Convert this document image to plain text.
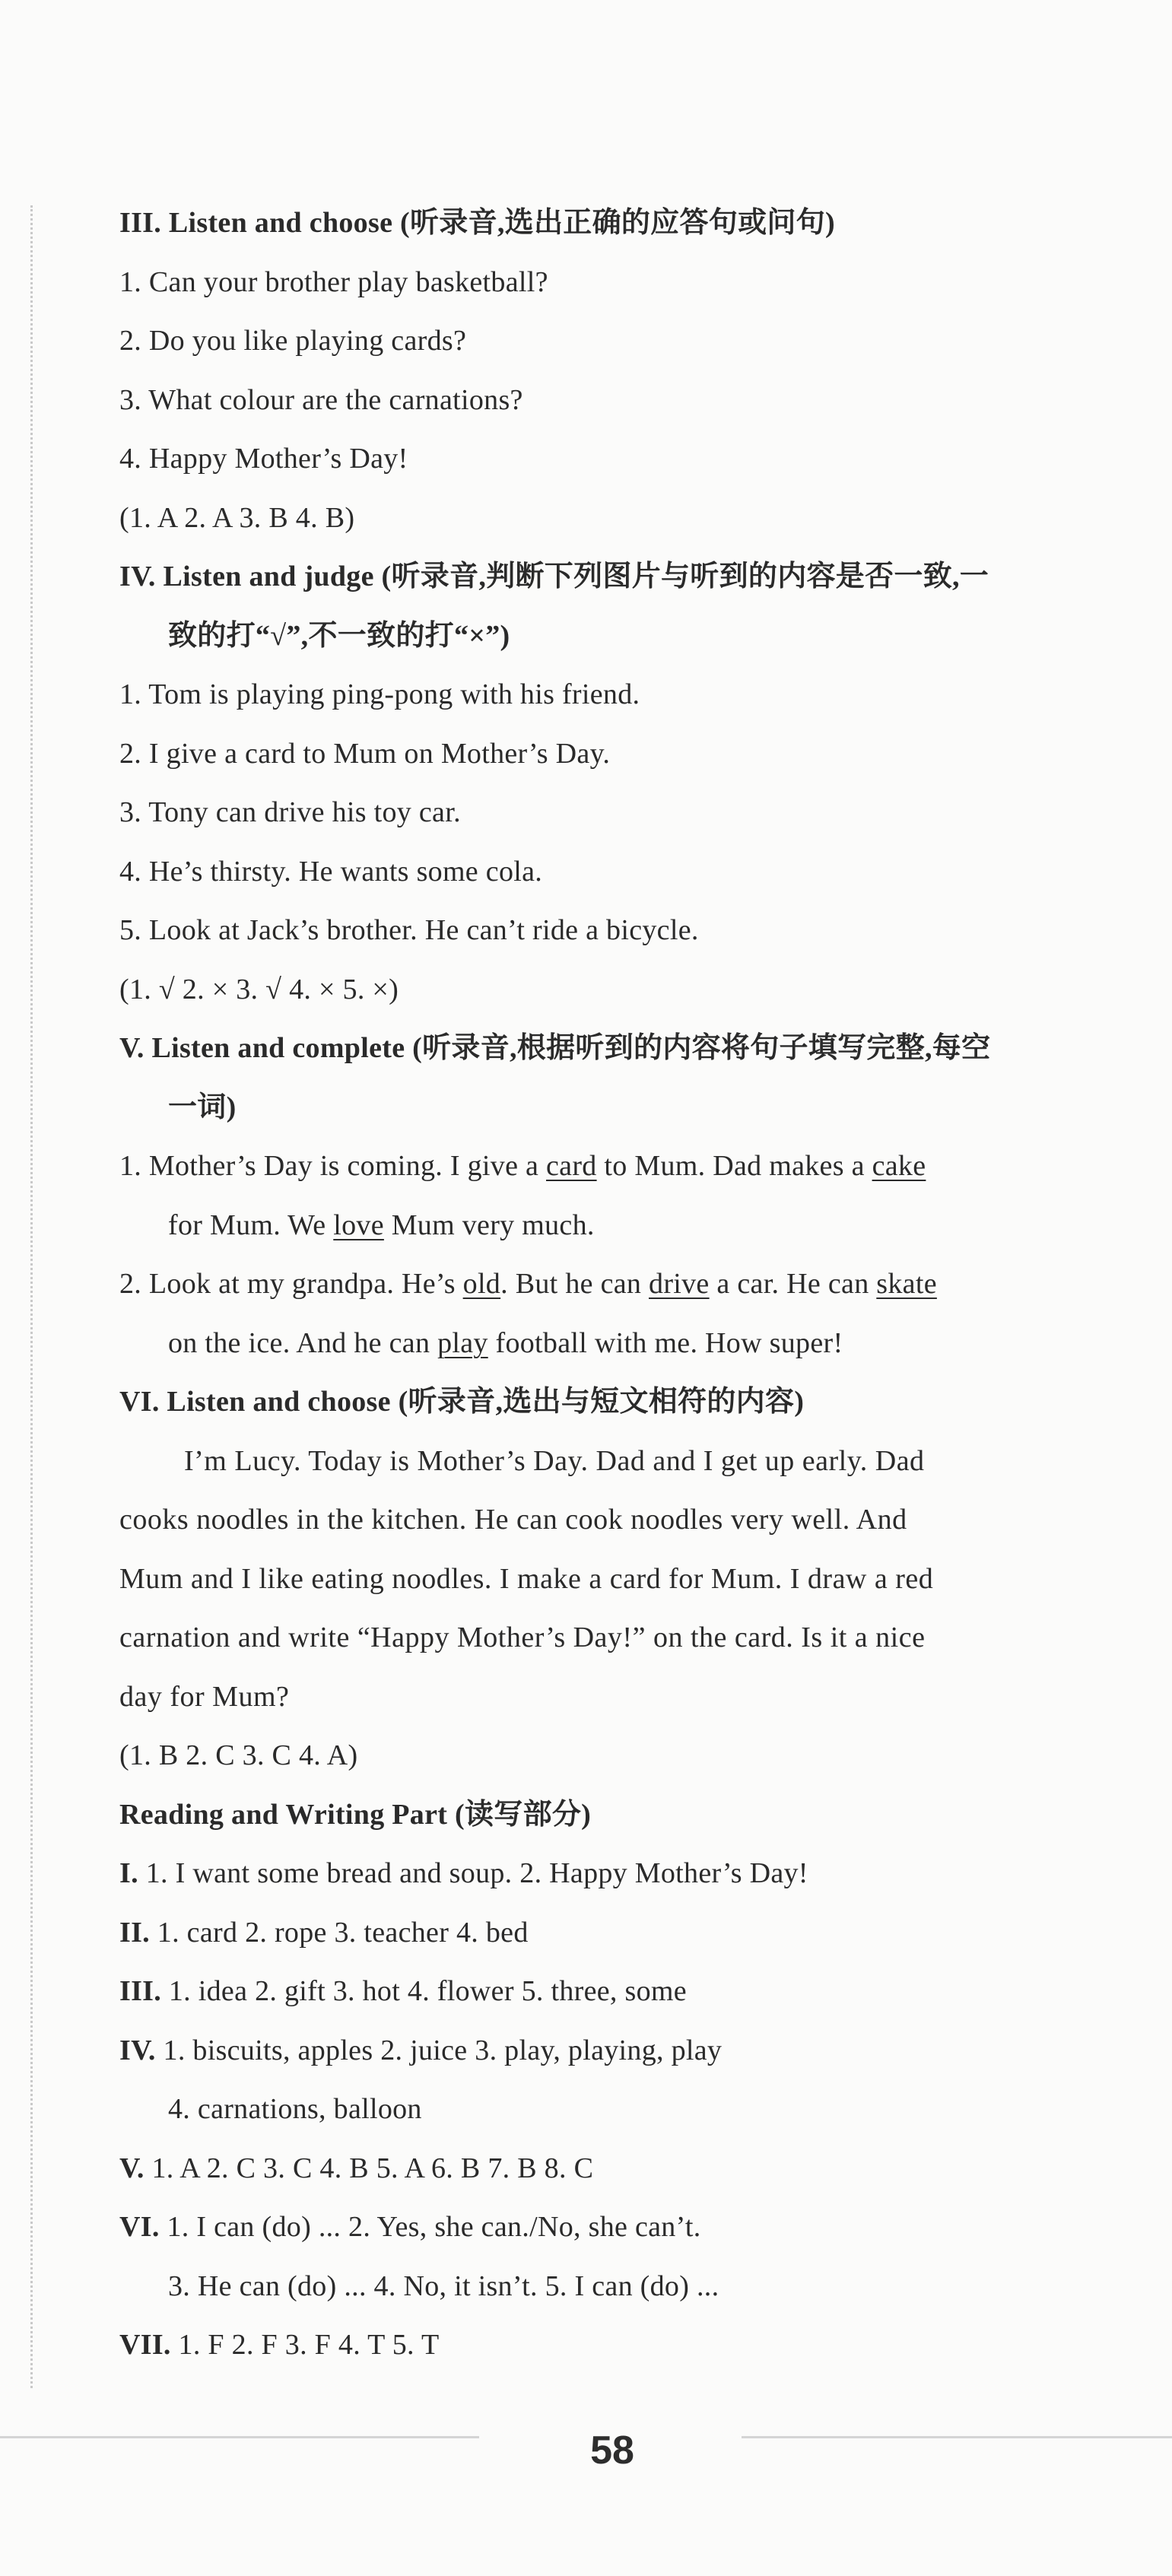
III. Listen and choose (听录音,选出正确的应答句或问句)
1. Can your brother play basketball?
2. Do you like playing cards?
3. What colour are the carnations?
4. Happy Mother’s Day!
(1. A 2. A 3. B 4. B)
IV. Listen and judge (听录音,判断下列图片与听到的内容是否一致,一
致的打“√”,不一致的打“×”)
1. Tom is playing ping-pong with his friend.
2. I give a card to Mum on Mother’s Day.
3. Tony can drive his toy car.
4. He’s thirsty. He wants some cola.
5. Look at Jack’s brother. He can’t ride a bicycle.
(1. √ 2. × 3. √ 4. × 5. ×)
V. Listen and complete (听录音,根据听到的内容将句子填写完整,每空
一词)
1. Mother’s Day is coming. I give a card to Mum. Dad makes a cake
for Mum. We love Mum very much.
2. Look at my grandpa. He’s old. But he can drive a car. He can skate
on the ice. And he can play football with me. How super!
VI. Listen and choose (听录音,选出与短文相符的内容)
I’m Lucy. Today is Mother’s Day. Dad and I get up early. Dad
cooks noodles in the kitchen. He can cook noodles very well. And
Mum and I like eating noodles. I make a card for Mum. I draw a red
carnation and write “Happy Mother’s Day!” on the card. Is it a nice
day for Mum?
(1. B 2. C 3. C 4. A)
Reading and Writing Part (读写部分)
I. 1. I want some bread and soup. 2. Happy Mother’s Day!
II. 1. card 2. rope 3. teacher 4. bed
III. 1. idea 2. gift 3. hot 4. flower 5. three, some
IV. 1. biscuits, apples 2. juice 3. play, playing, play
4. carnations, balloon
V. 1. A 2. C 3. C 4. B 5. A 6. B 7. B 8. C
VI. 1. I can (do) ... 2. Yes, she can./No, she can’t.
3. He can (do) ... 4. No, it isn’t. 5. I can (do) ...
VII. 1. F 2. F 3. F 4. T 5. T
58
